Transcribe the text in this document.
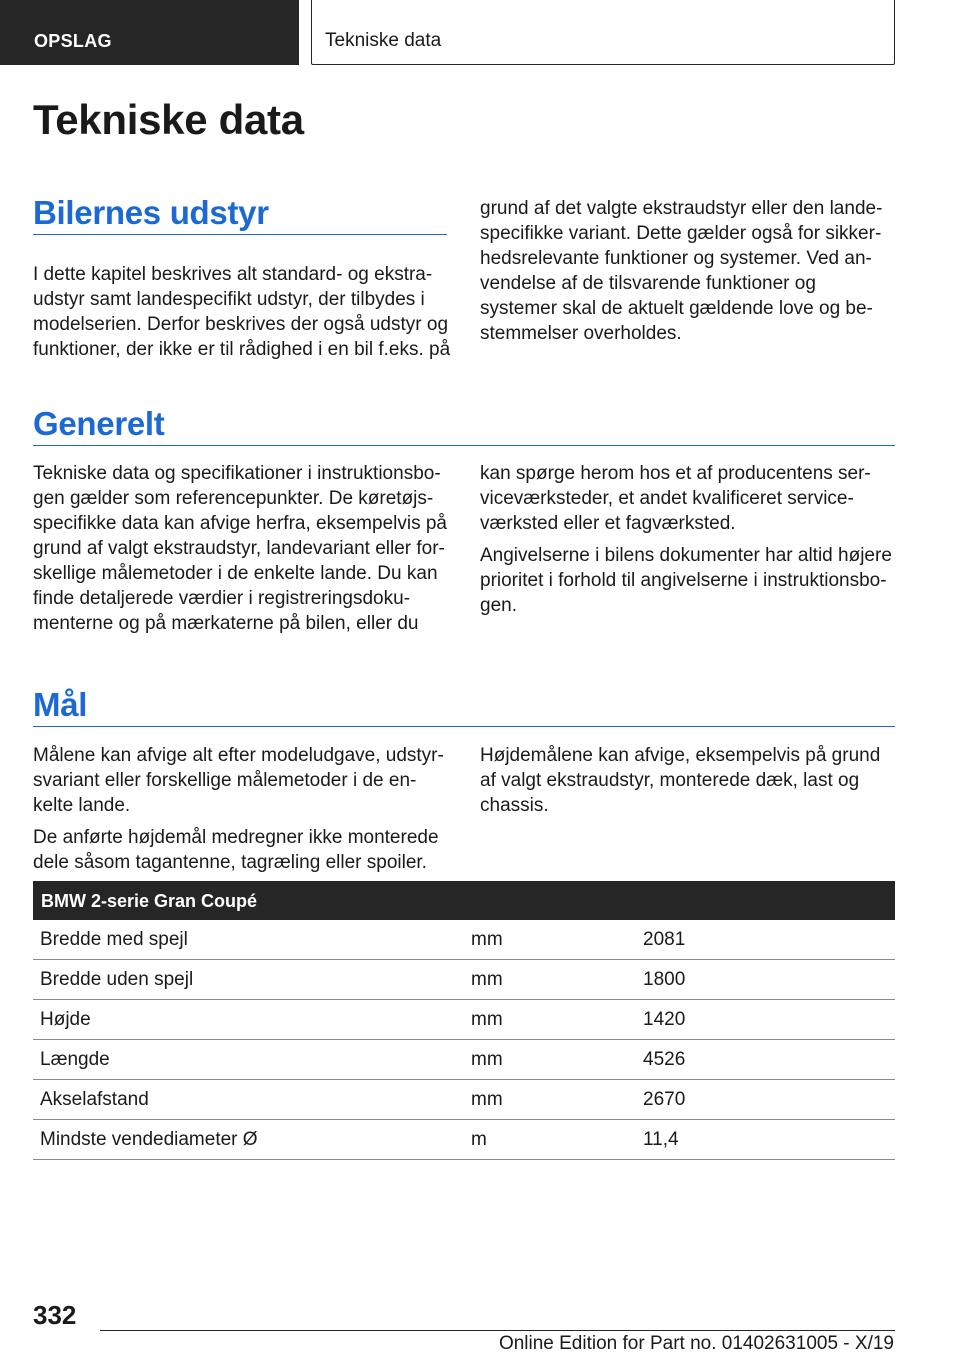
OPSLAG	Tekniske data
Tekniske data
Bilernes udstyr

I dette kapitel beskrives alt standard- og ekstra-
udstyr samt landespecifikt udstyr, der tilbydes i
modelserien. Derfor beskrives der også udstyr og
funktioner, der ikke er til rådighed i en bil f.eks. på

grund af det valgte ekstraudstyr eller den lande-
specifikke variant. Dette gælder også for sikker-
hedsrelevante funktioner og systemer. Ved an-
vendelse af de tilsvarende funktioner og
systemer skal de aktuelt gældende love og be-
stemmelser overholdes.

Generelt

Tekniske data og specifikationer i instruktionsbo-
gen gælder som referencepunkter. De køretøjs-
specifikke data kan afvige herfra, eksempelvis på
grund af valgt ekstraudstyr, landevariant eller for-
skellige målemetoder i de enkelte lande. Du kan
finde detaljerede værdier i registreringsdoku-
menterne og på mærkaterne på bilen, eller du

kan spørge herom hos et af producentens ser-
viceværksteder, et andet kvalificeret service-
værksted eller et fagværksted.

Angivelserne i bilens dokumenter har altid højere
prioritet i forhold til angivelserne i instruktionsbo-
gen.

Mål

Målene kan afvige alt efter modeludgave, udstyr-
svariant eller forskellige målemetoder i de en-
kelte lande.

De anførte højdemål medregner ikke monterede
dele såsom tagantenne, tagræling eller spoiler.

Højdemålene kan afvige, eksempelvis på grund
af valgt ekstraudstyr, monterede dæk, last og
chassis.

BMW 2-serie Gran Coupé
Bredde med spejl	mm	2081
Bredde uden spejl	mm	1800
Højde	mm	1420
Længde	mm	4526
Akselafstand	mm	2670
Mindste vendediameter Ø	m	11,4
332
Online Edition for Part no. 01402631005 - X/19
